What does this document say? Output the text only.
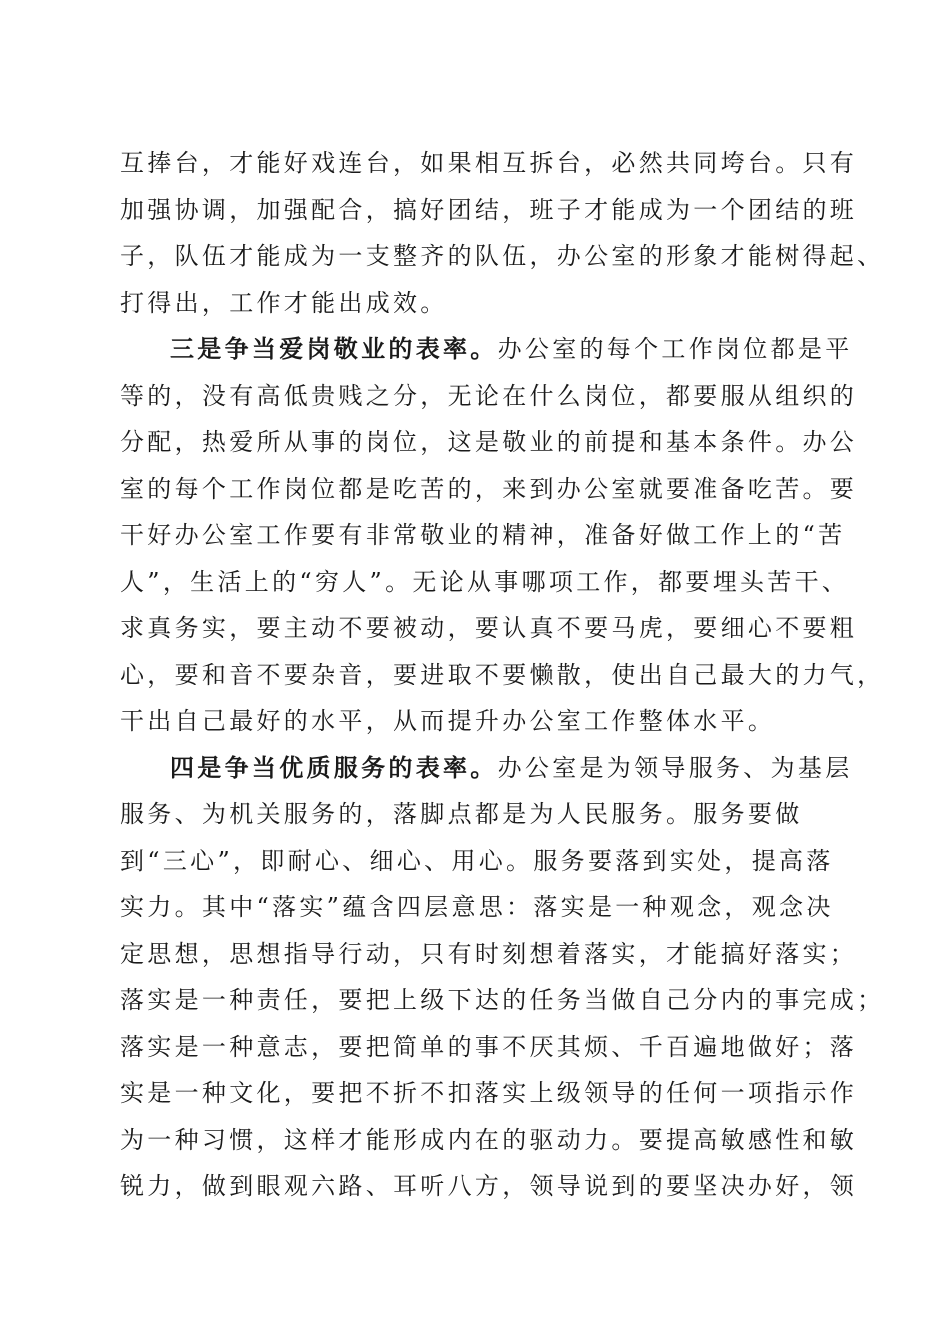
互捧台，才能好戏连台，如果相互拆台，必然共同垮台。只有
加强协调，加强配合，搞好团结，班子才能成为一个团结的班
子，队伍才能成为一支整齐的队伍，办公室的形象才能树得起、
打得出，工作才能出成效。
三是争当爱岗敬业的表率。办公室的每个工作岗位都是平
等的，没有高低贵贱之分，无论在什么岗位，都要服从组织的
分配，热爱所从事的岗位，这是敬业的前提和基本条件。办公
室的每个工作岗位都是吃苦的，来到办公室就要准备吃苦。要
干好办公室工作要有非常敬业的精神，准备好做工作上的“苦
人”，生活上的“穷人”。无论从事哪项工作，都要埋头苦干、
求真务实，要主动不要被动，要认真不要马虎，要细心不要粗
心，要和音不要杂音，要进取不要懒散，使出自己最大的力气，
干出自己最好的水平，从而提升办公室工作整体水平。
四是争当优质服务的表率。办公室是为领导服务、为基层
服务、为机关服务的，落脚点都是为人民服务。服务要做
到“三心”，即耐心、细心、用心。服务要落到实处，提高落
实力。其中“落实”蕴含四层意思：落实是一种观念，观念决
定思想，思想指导行动，只有时刻想着落实，才能搞好落实；
落实是一种责任，要把上级下达的任务当做自己分内的事完成；
落实是一种意志，要把简单的事不厌其烦、千百遍地做好；落
实是一种文化，要把不折不扣落实上级领导的任何一项指示作
为一种习惯，这样才能形成内在的驱动力。要提高敏感性和敏
锐力，做到眼观六路、耳听八方，领导说到的要坚决办好，领
